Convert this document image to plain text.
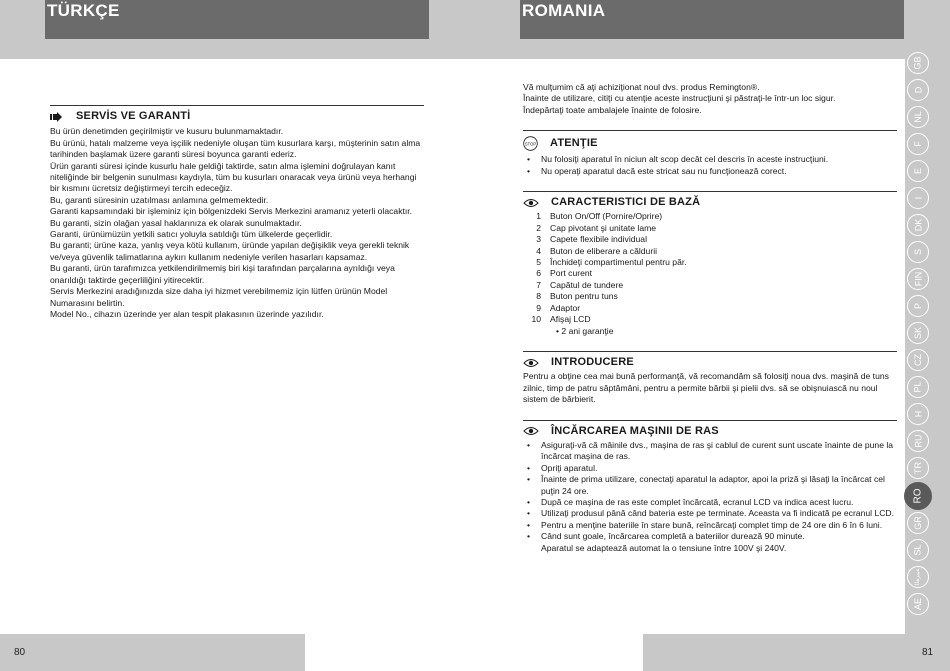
TÜRKÇE	ROMANIA
GB
D
NL
F
E
I
DK
S
FIN
P
SK
CZ
PL
H
RU
TR
RO
GR
SL
ﺔﻴﺑﺮﻌﻟا
AE
80	81
SERVİS VE GARANTİ

Bu ürün denetimden geçirilmiştir ve kusuru bulunmamaktadır.

Bu ürünü, hatalı malzeme veya işçilik nedeniyle oluşan tüm kusurlara karşı, müşterinin satın alma tarihinden başlamak üzere garanti süresi boyunca garanti ederiz.

Ürün garanti süresi içinde kusurlu hale geldiği taktirde, satın alma işlemini doğrulayan kanıt niteliğinde bir belgenin sunulması kaydıyla, tüm bu kusurları onaracak veya ürünü veya herhangi bir kısmını ücretsiz değiştirmeyi tercih edeceğiz.

Bu, garanti süresinin uzatılması anlamına gelmemektedir.

Garanti kapsamındaki bir işleminiz için bölgenizdeki Servis Merkezini aramanız yeterli olacaktır.

Bu garanti, sizin olağan yasal haklarınıza ek olarak sunulmaktadır.

Garanti, ürünümüzün yetkili satıcı yoluyla satıldığı tüm ülkelerde geçerlidir.

Bu garanti; ürüne kaza, yanlış veya kötü kullanım, üründe yapılan değişiklik veya gerekli teknik ve/veya güvenlik talimatlarına aykırı kullanım nedeniyle verilen hasarları kapsamaz.

Bu garanti, ürün tarafımızca yetkilendirilmemiş biri kişi tarafından parçalarına ayrıldığı veya onarıldığı taktirde geçerliliğini yitirecektir.

Servis Merkezini aradığınızda size daha iyi hizmet verebilmemiz için lütfen ürünün Model Numarasını belirtin.

Model No., cihazın üzerinde yer alan tespit plakasının üzerinde yazılıdır.

Vă mulţumim că aţi achiziţionat noul dvs. produs Remington®.

Înainte de utilizare, citiţi cu atenţie aceste instrucţiuni şi păstraţi-le într-un loc sigur.

Îndepărtaţi toate ambalajele înainte de folosire.

STOP ATENŢIE
• Nu folosiţi aparatul în niciun alt scop decât cel descris în aceste instrucţiuni.
• Nu operaţi aparatul dacă este stricat sau nu funcţionează corect.
CARACTERISTICI DE BAZĂ
1 Buton On/Off (Pornire/Oprire)
2 Cap pivotant şi unitate lame
3 Capete flexibile individual
4 Buton de eliberare a căldurii
5 Închideţi compartimentul pentru păr.
6 Port curent
7 Capătul de tundere
8 Buton pentru tuns
9 Adaptor
10 Afişaj LCD
• 2 ani garanţie
INTRODUCERE

Pentru a obţine cea mai bună performanţă, vă recomandăm să folosiţi noua dvs. maşină de tuns zilnic, timp de patru săptămâni, pentru a permite bărbii şi pielii dvs. să se obişnuiască nu noul sistem de bărbierit.

ÎNCĂRCAREA MAŞINII DE RAS
• Asiguraţi-vă că mâinile dvs., maşina de ras şi cablul de curent sunt uscate înainte de pune la încărcat maşina de ras.
• Opriţi aparatul.
• Înainte de prima utilizare, conectaţi aparatul la adaptor, apoi la priză şi lăsaţi la încărcat cel puţin 24 ore.
• După ce maşina de ras este complet încărcată, ecranul LCD va indica acest lucru.
• Utilizaţi produsul până când bateria este pe terminate. Aceasta va fi indicată pe ecranul LCD.
• Pentru a menţine bateriile în stare bună, reîncărcaţi complet timp de 24 ore din 6 în 6 luni.
• Când sunt goale, încărcarea completă a bateriilor durează 90 minute.
Aparatul se adaptează automat la o tensiune între 100V şi 240V.
